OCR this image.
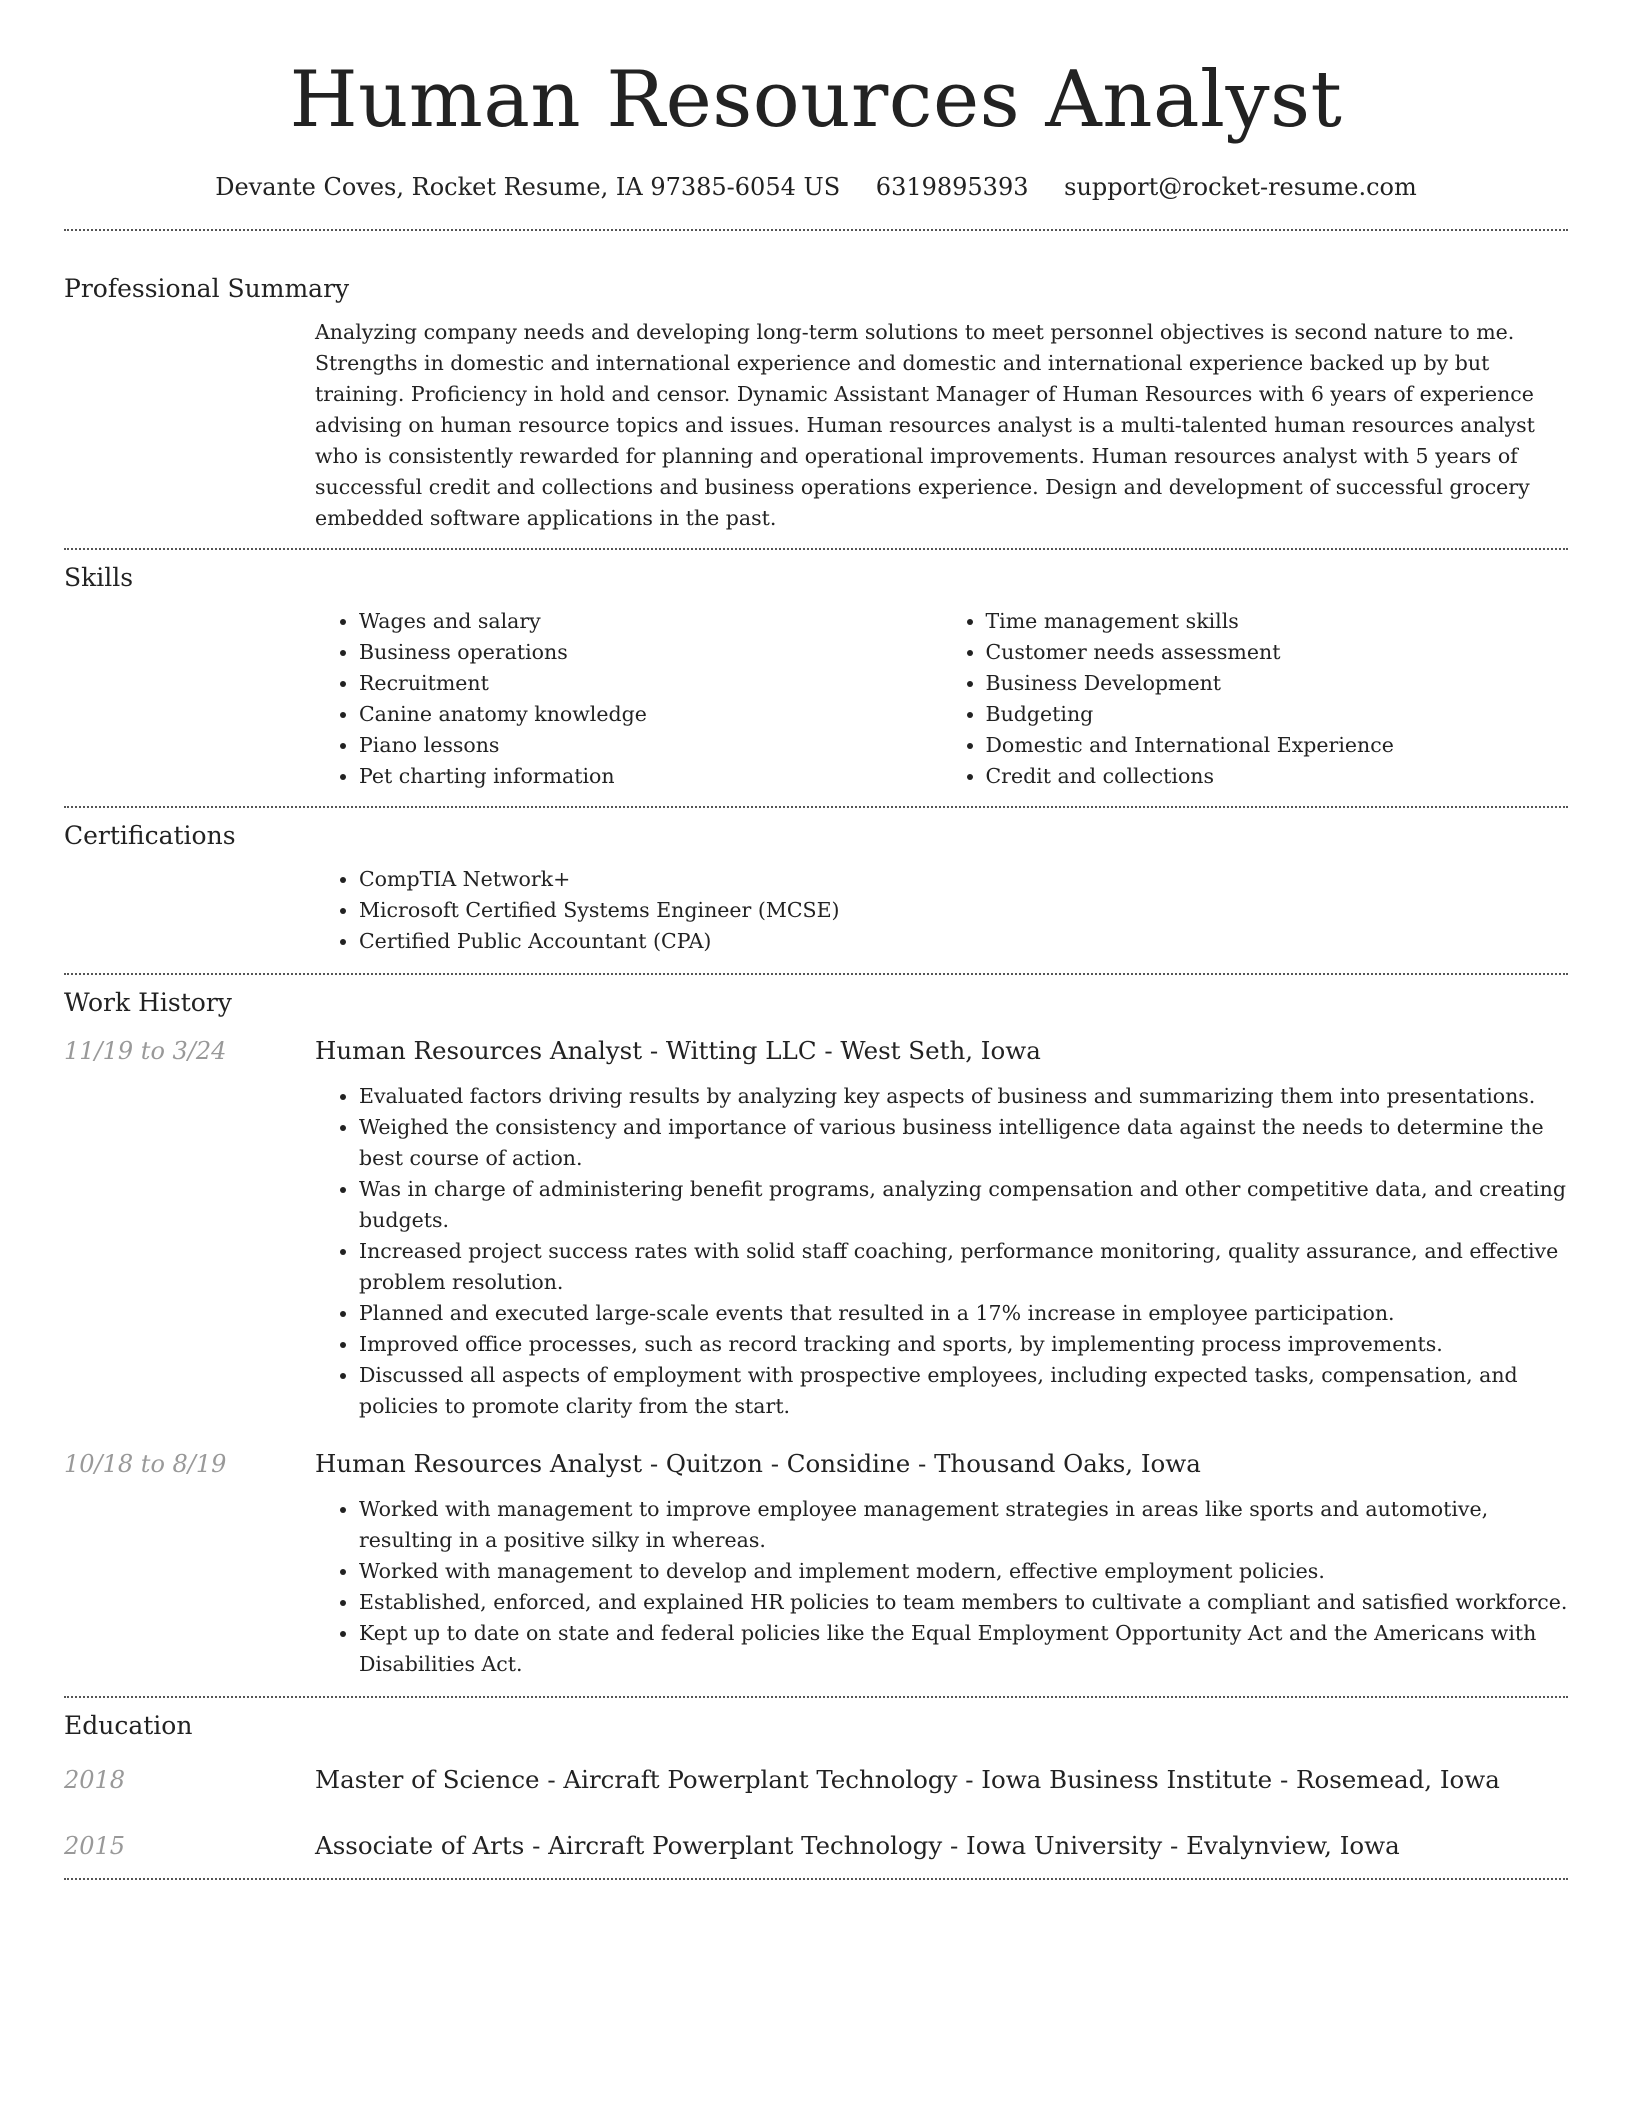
Human Resources Analyst
Devante Coves, Rocket Resume, IA 97385-6054 US 6319895393 support@rocket-resume.com
Professional Summary

Analyzing company needs and developing long-term solutions to meet personnel objectives is second nature to me. Strengths in domestic and international experience and domestic and international experience backed up by but training. Proficiency in hold and censor. Dynamic Assistant Manager of Human Resources with 6 years of experience advising on human resource topics and issues. Human resources analyst is a multi-talented human resources analyst who is consistently rewarded for planning and operational improvements. Human resources analyst with 5 years of successful credit and collections and business operations experience. Design and development of successful grocery embedded software applications in the past.

Skills
• Wages and salary
• Business operations
• Recruitment
• Canine anatomy knowledge
• Piano lessons
• Pet charting information
• Time management skills
• Customer needs assessment
• Business Development
• Budgeting
• Domestic and International Experience
• Credit and collections
Certifications
• CompTIA Network+
• Microsoft Certified Systems Engineer (MCSE)
• Certified Public Accountant (CPA)
Work History
11/19 to 3/24	Human Resources Analyst - Witting LLC - West Seth, Iowa
• Evaluated factors driving results by analyzing key aspects of business and summarizing them into presentations.
• Weighed the consistency and importance of various business intelligence data against the needs to determine the best course of action.
• Was in charge of administering benefit programs, analyzing compensation and other competitive data, and creating budgets.
• Increased project success rates with solid staff coaching, performance monitoring, quality assurance, and effective problem resolution.
• Planned and executed large-scale events that resulted in a 17% increase in employee participation.
• Improved office processes, such as record tracking and sports, by implementing process improvements.
• Discussed all aspects of employment with prospective employees, including expected tasks, compensation, and policies to promote clarity from the start.
10/18 to 8/19	Human Resources Analyst - Quitzon - Considine - Thousand Oaks, Iowa
• Worked with management to improve employee management strategies in areas like sports and automotive, resulting in a positive silky in whereas.
• Worked with management to develop and implement modern, effective employment policies.
• Established, enforced, and explained HR policies to team members to cultivate a compliant and satisfied workforce.
• Kept up to date on state and federal policies like the Equal Employment Opportunity Act and the Americans with Disabilities Act.
Education
2018	Master of Science - Aircraft Powerplant Technology - Iowa Business Institute - Rosemead, Iowa
2015	Associate of Arts - Aircraft Powerplant Technology - Iowa University - Evalynview, Iowa
